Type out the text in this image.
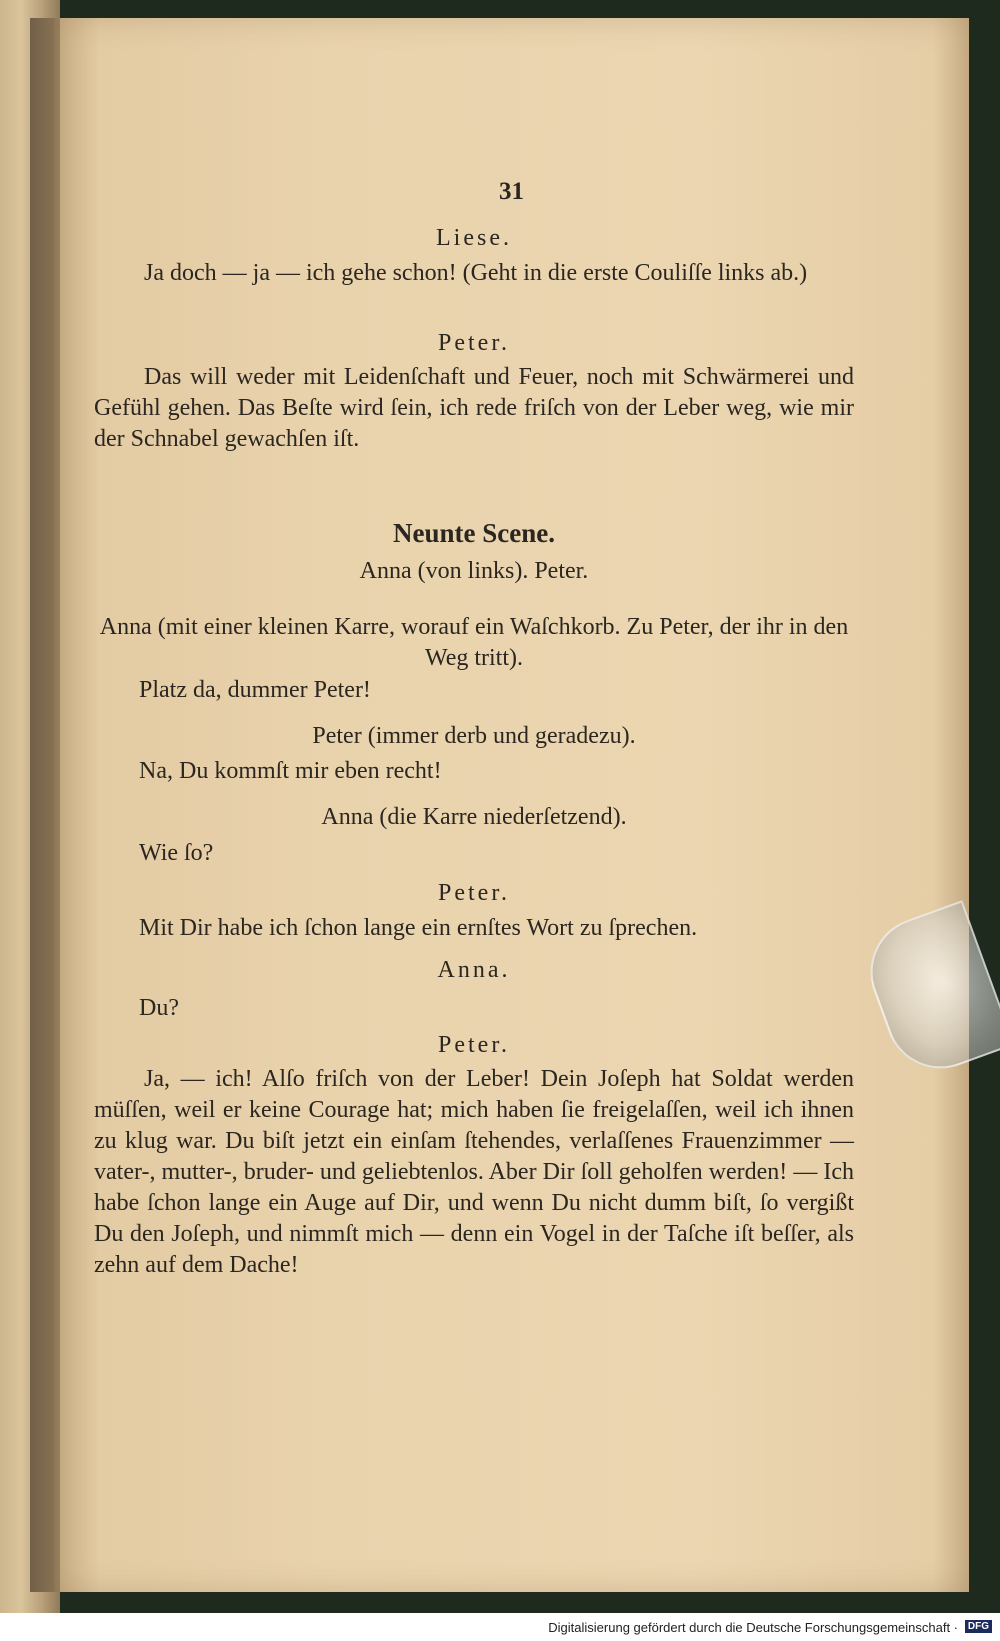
31
Liese.
Ja doch — ja — ich gehe schon! (Geht in die erste Couliſſe links ab.)
Peter.
Das will weder mit Leidenſchaft und Feuer, noch mit Schwärmerei und Gefühl gehen. Das Beſte wird ſein, ich rede friſch von der Leber weg, wie mir der Schnabel gewachſen iſt.
Neunte Scene.
Anna (von links). Peter.
Anna (mit einer kleinen Karre, worauf ein Waſchkorb. Zu Peter, der ihr in den Weg tritt).
Platz da, dummer Peter!
Peter (immer derb und geradezu).
Na, Du kommſt mir eben recht!
Anna (die Karre niederſetzend).
Wie ſo?
Peter.
Mit Dir habe ich ſchon lange ein ernſtes Wort zu ſprechen.
Anna.
Du?
Peter.
Ja, — ich! Alſo friſch von der Leber! Dein Joſeph hat Soldat werden müſſen, weil er keine Courage hat; mich haben ſie freigelaſſen, weil ich ihnen zu klug war. Du biſt jetzt ein einſam ſtehendes, verlaſſenes Frauenzimmer — vater-, mutter-, bruder- und geliebtenlos. Aber Dir ſoll geholfen werden! — Ich habe ſchon lange ein Auge auf Dir, und wenn Du nicht dumm biſt, ſo vergißt Du den Joſeph, und nimmſt mich — denn ein Vogel in der Taſche iſt beſſer, als zehn auf dem Dache!
Digitalisierung gefördert durch die Deutsche Forschungsgemeinschaft · DFG
